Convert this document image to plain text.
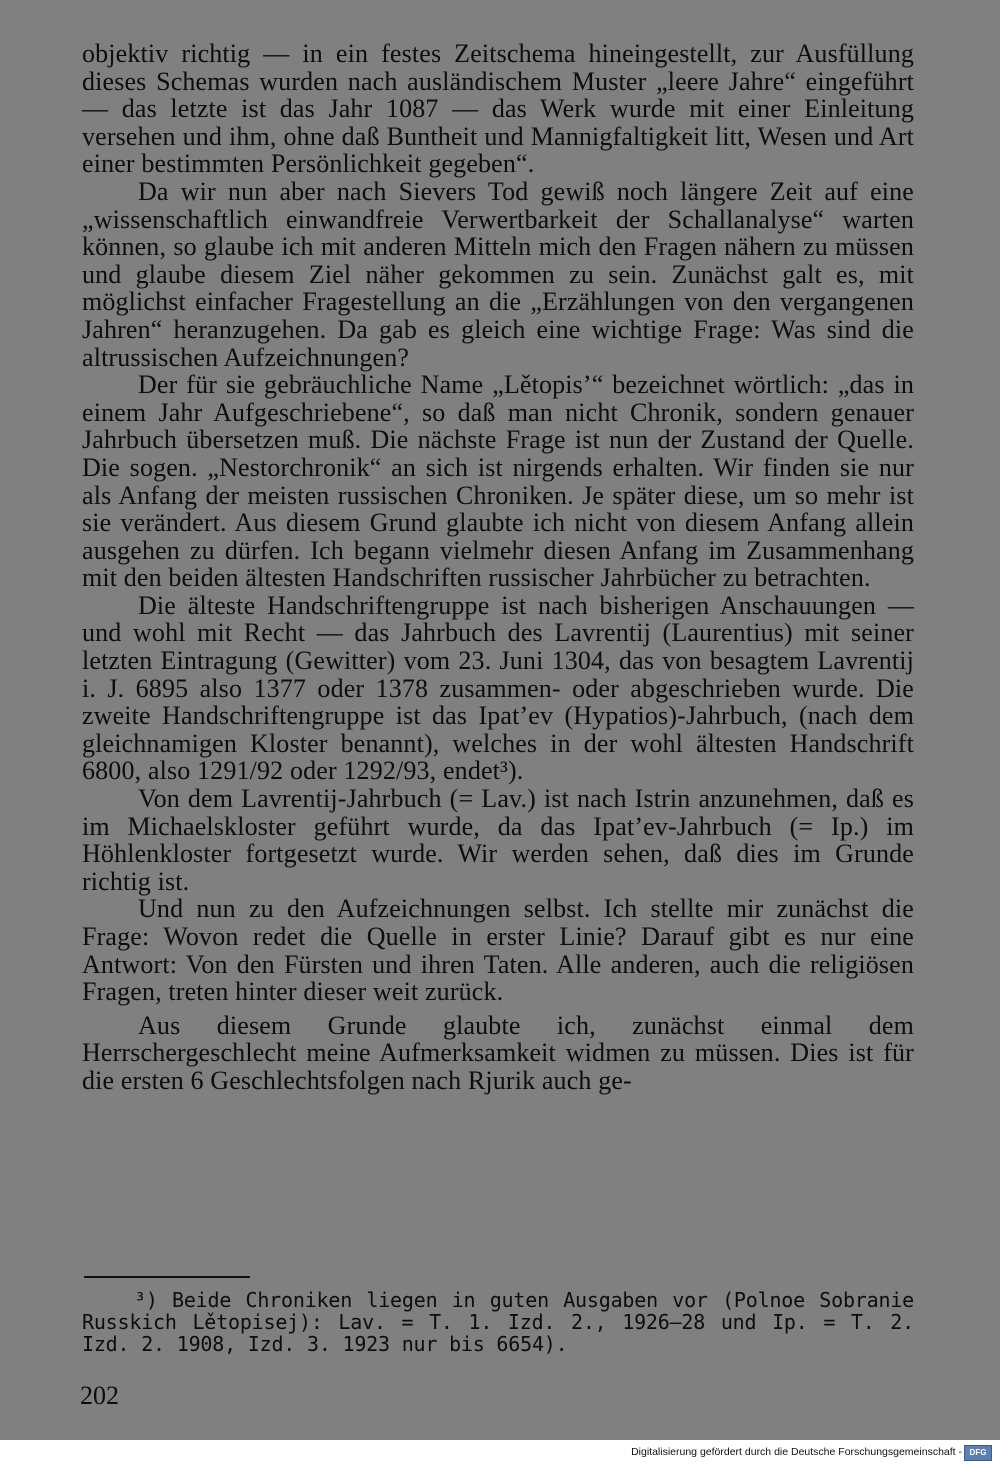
objektiv richtig — in ein festes Zeitschema hineingestellt, zur Ausfüllung dieses Schemas wurden nach ausländischem Muster „leere Jahre“ eingeführt — das letzte ist das Jahr 1087 — das Werk wurde mit einer Einleitung versehen und ihm, ohne daß Buntheit und Mannigfaltigkeit litt, Wesen und Art einer bestimmten Persönlichkeit gegeben“.

Da wir nun aber nach Sievers Tod gewiß noch längere Zeit auf eine „wissenschaftlich einwandfreie Verwertbarkeit der Schallanalyse“ warten können, so glaube ich mit anderen Mitteln mich den Fragen nähern zu müssen und glaube diesem Ziel näher gekommen zu sein. Zunächst galt es, mit möglichst einfacher Fragestellung an die „Erzählungen von den vergangenen Jahren“ heranzugehen. Da gab es gleich eine wichtige Frage: Was sind die altrussischen Aufzeichnungen?

Der für sie gebräuchliche Name „Lětopis’“ bezeichnet wörtlich: „das in einem Jahr Aufgeschriebene“, so daß man nicht Chronik, sondern genauer Jahrbuch übersetzen muß. Die nächste Frage ist nun der Zustand der Quelle. Die sogen. „Nestorchronik“ an sich ist nirgends erhalten. Wir finden sie nur als Anfang der meisten russischen Chroniken. Je später diese, um so mehr ist sie verändert. Aus diesem Grund glaubte ich nicht von diesem Anfang allein ausgehen zu dürfen. Ich begann vielmehr diesen Anfang im Zusammenhang mit den beiden ältesten Handschriften russischer Jahrbücher zu betrachten.

Die älteste Handschriftengruppe ist nach bisherigen Anschauungen — und wohl mit Recht — das Jahrbuch des Lavrentij (Laurentius) mit seiner letzten Eintragung (Gewitter) vom 23. Juni 1304, das von besagtem Lavrentij i. J. 6895 also 1377 oder 1378 zusammen- oder abgeschrieben wurde. Die zweite Handschriftengruppe ist das Ipat’ev (Hypatios)-Jahrbuch, (nach dem gleichnamigen Kloster benannt), welches in der wohl ältesten Handschrift 6800, also 1291/92 oder 1292/93, endet³).

Von dem Lavrentij-Jahrbuch (= Lav.) ist nach Istrin anzunehmen, daß es im Michaelskloster geführt wurde, da das Ipat’ev-Jahrbuch (= Ip.) im Höhlenkloster fortgesetzt wurde. Wir werden sehen, daß dies im Grunde richtig ist.

Und nun zu den Aufzeichnungen selbst. Ich stellte mir zunächst die Frage: Wovon redet die Quelle in erster Linie? Darauf gibt es nur eine Antwort: Von den Fürsten und ihren Taten. Alle anderen, auch die religiösen Fragen, treten hinter dieser weit zurück.

Aus diesem Grunde glaubte ich, zunächst einmal dem Herrschergeschlecht meine Aufmerksamkeit widmen zu müssen. Dies ist für die ersten 6 Geschlechtsfolgen nach Rjurik auch ge-

³) Beide Chroniken liegen in guten Ausgaben vor (Polnoe Sobranie Russkich Lětopisej): Lav. = T. 1. Izd. 2., 1926—28 und Ip. = T. 2. Izd. 2. 1908, Izd. 3. 1923 nur bis 6654).
202
Digitalisierung gefördert durch die Deutsche Forschungsgemeinschaft - DFG
